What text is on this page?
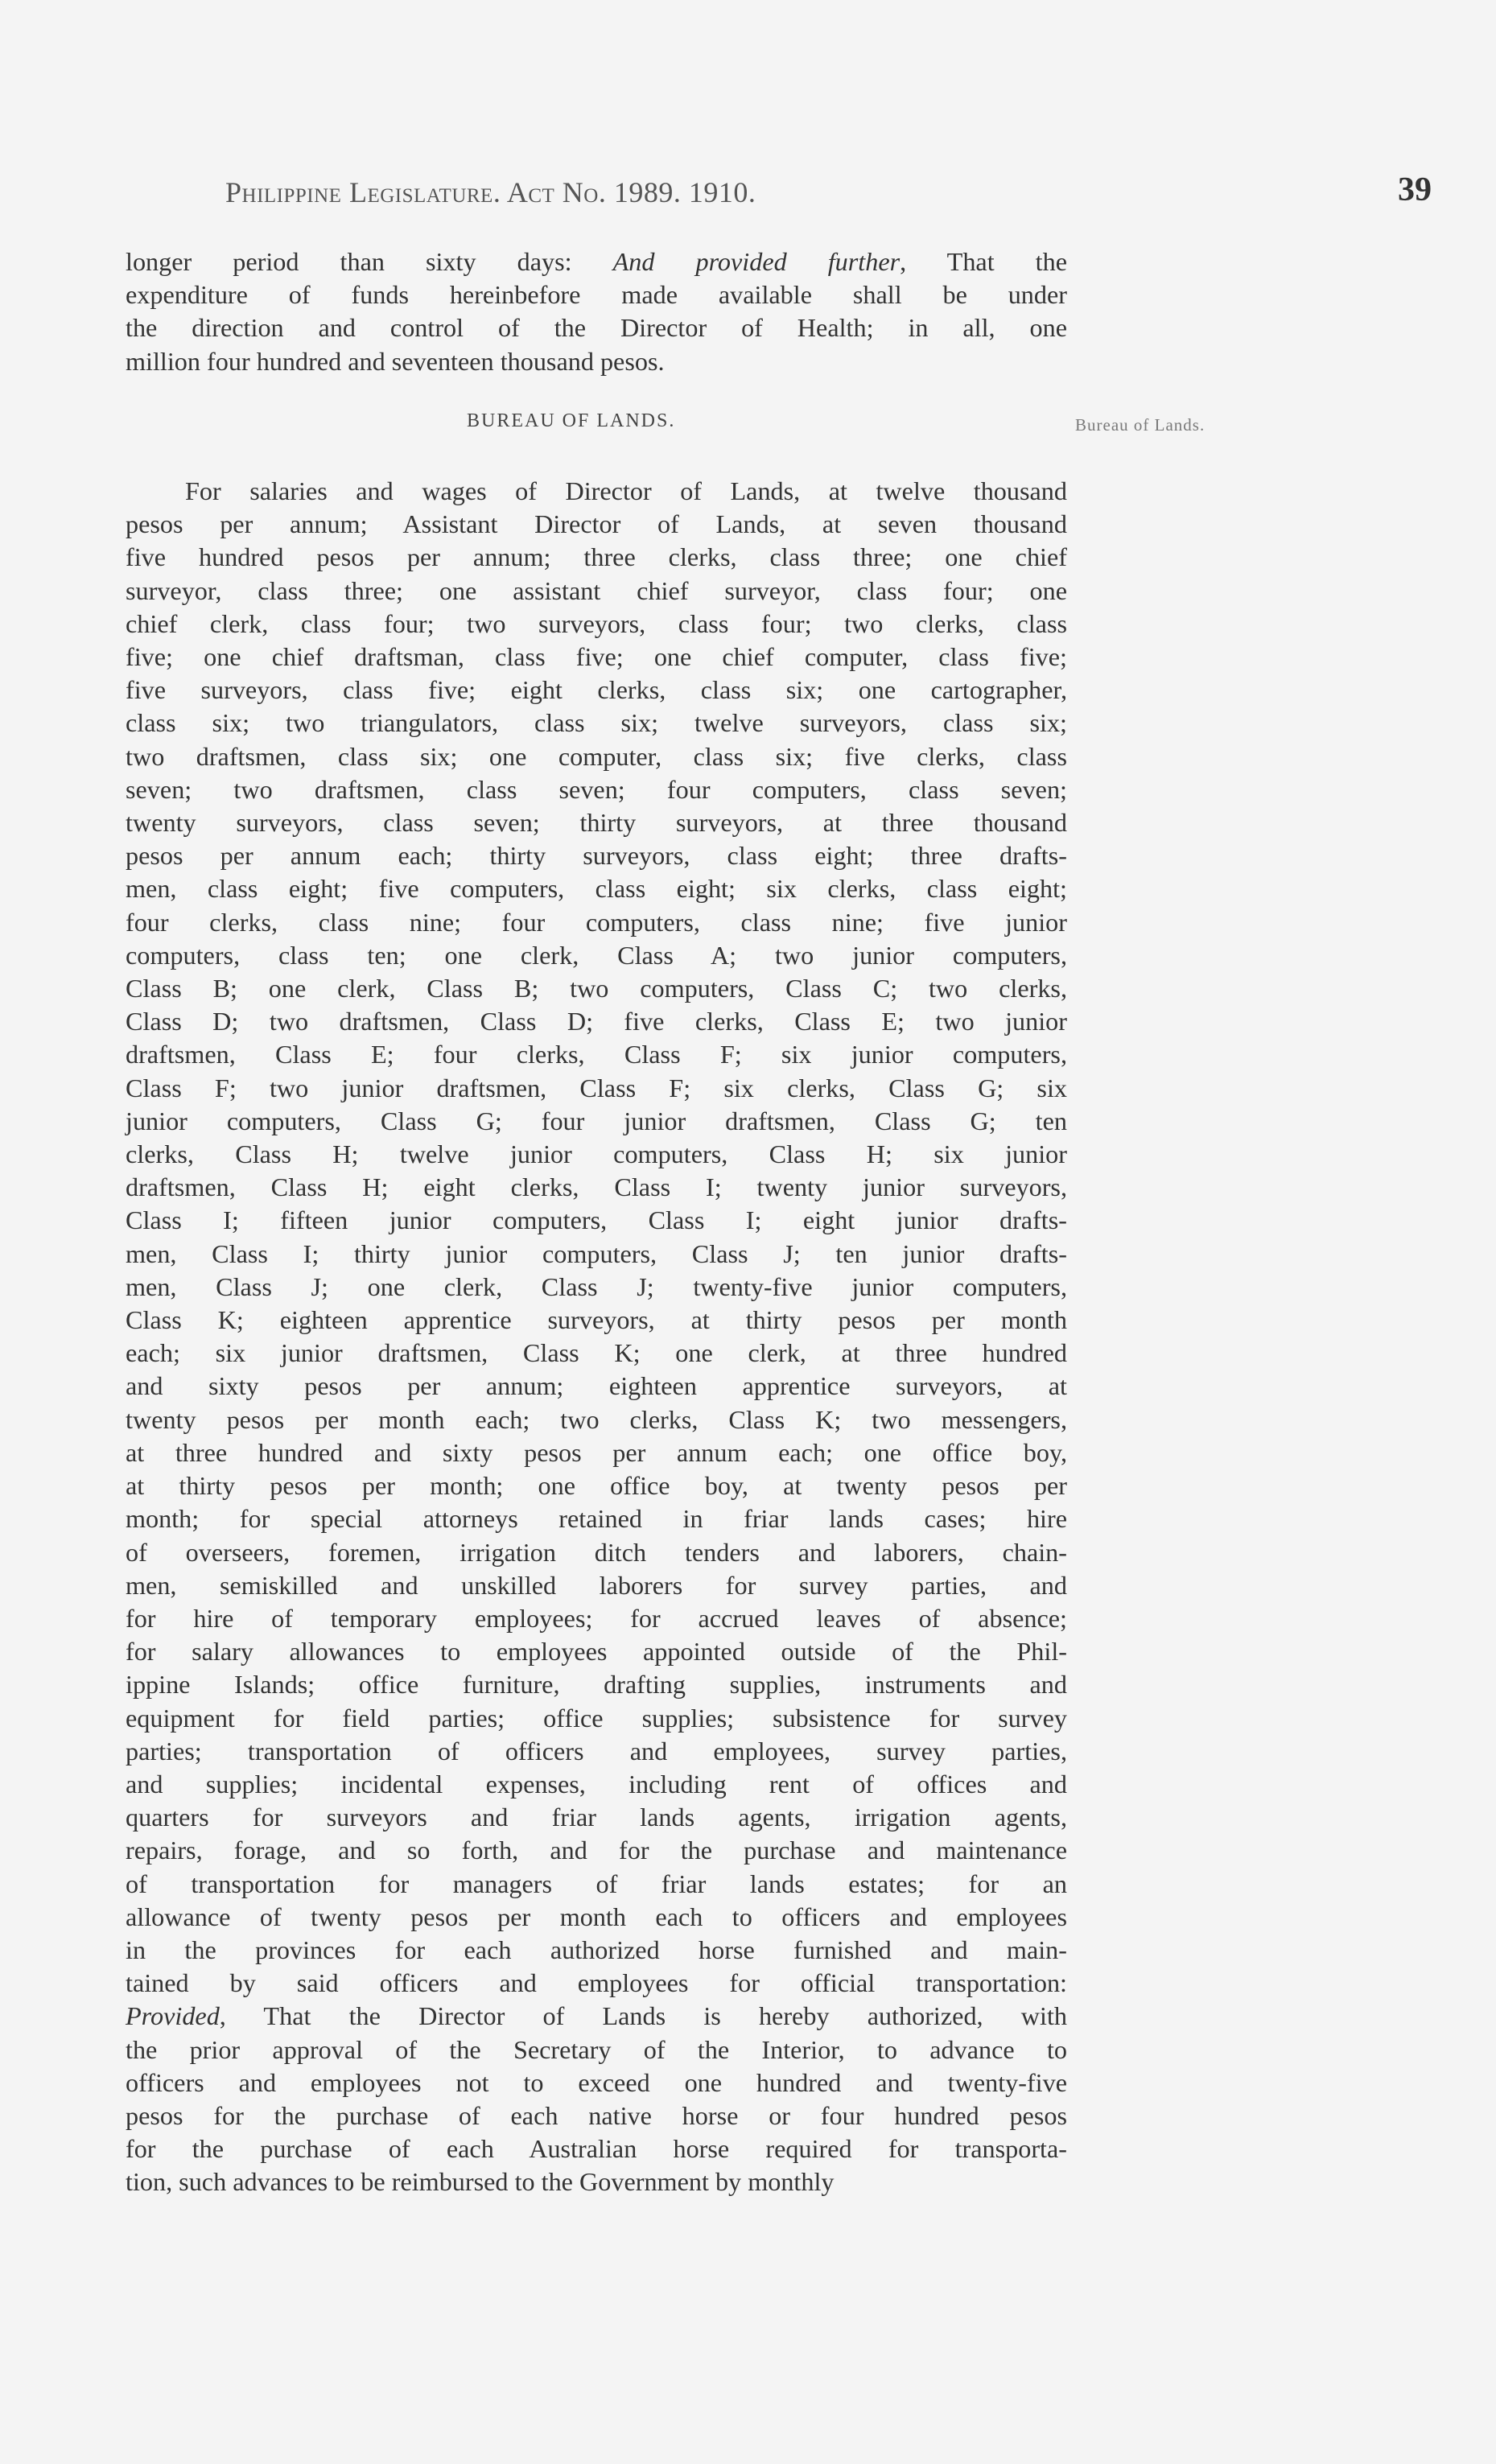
Philippine Legislature. Act No. 1989. 1910.	39
longer period than sixty days: And provided further, That the
expenditure of funds hereinbefore made available shall be under
the direction and control of the Director of Health; in all, one
million four hundred and seventeen thousand pesos.
BUREAU OF LANDS.	Bureau of Lands.
For salaries and wages of Director of Lands, at twelve thousand
pesos per annum; Assistant Director of Lands, at seven thousand
five hundred pesos per annum; three clerks, class three; one chief
surveyor, class three; one assistant chief surveyor, class four; one
chief clerk, class four; two surveyors, class four; two clerks, class
five; one chief draftsman, class five; one chief computer, class five;
five surveyors, class five; eight clerks, class six; one cartographer,
class six; two triangulators, class six; twelve surveyors, class six;
two draftsmen, class six; one computer, class six; five clerks, class
seven; two draftsmen, class seven; four computers, class seven;
twenty surveyors, class seven; thirty surveyors, at three thousand
pesos per annum each; thirty surveyors, class eight; three drafts-
men, class eight; five computers, class eight; six clerks, class eight;
four clerks, class nine; four computers, class nine; five junior
computers, class ten; one clerk, Class A; two junior computers,
Class B; one clerk, Class B; two computers, Class C; two clerks,
Class D; two draftsmen, Class D; five clerks, Class E; two junior
draftsmen, Class E; four clerks, Class F; six junior computers,
Class F; two junior draftsmen, Class F; six clerks, Class G; six
junior computers, Class G; four junior draftsmen, Class G; ten
clerks, Class H; twelve junior computers, Class H; six junior
draftsmen, Class H; eight clerks, Class I; twenty junior surveyors,
Class I; fifteen junior computers, Class I; eight junior drafts-
men, Class I; thirty junior computers, Class J; ten junior drafts-
men, Class J; one clerk, Class J; twenty-five junior computers,
Class K; eighteen apprentice surveyors, at thirty pesos per month
each; six junior draftsmen, Class K; one clerk, at three hundred
and sixty pesos per annum; eighteen apprentice surveyors, at
twenty pesos per month each; two clerks, Class K; two messengers,
at three hundred and sixty pesos per annum each; one office boy,
at thirty pesos per month; one office boy, at twenty pesos per
month; for special attorneys retained in friar lands cases; hire
of overseers, foremen, irrigation ditch tenders and laborers, chain-
men, semiskilled and unskilled laborers for survey parties, and
for hire of temporary employees; for accrued leaves of absence;
for salary allowances to employees appointed outside of the Phil-
ippine Islands; office furniture, drafting supplies, instruments and
equipment for field parties; office supplies; subsistence for survey
parties; transportation of officers and employees, survey parties,
and supplies; incidental expenses, including rent of offices and
quarters for surveyors and friar lands agents, irrigation agents,
repairs, forage, and so forth, and for the purchase and maintenance
of transportation for managers of friar lands estates; for an
allowance of twenty pesos per month each to officers and employees
in the provinces for each authorized horse furnished and main-
tained by said officers and employees for official transportation:
Provided, That the Director of Lands is hereby authorized, with
the prior approval of the Secretary of the Interior, to advance to
officers and employees not to exceed one hundred and twenty-five
pesos for the purchase of each native horse or four hundred pesos
for the purchase of each Australian horse required for transporta-
tion, such advances to be reimbursed to the Government by monthly
